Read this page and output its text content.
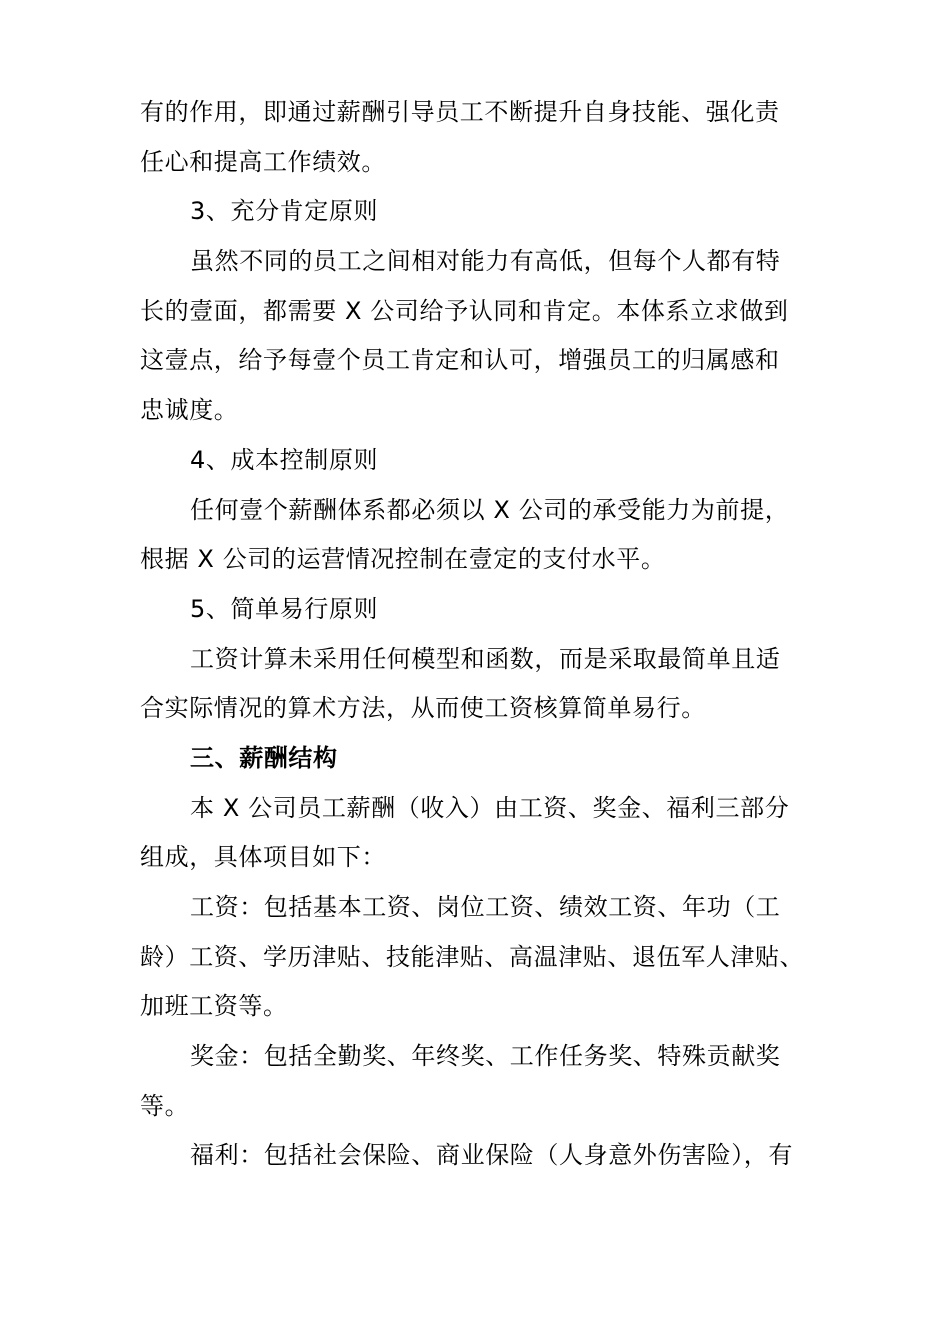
有的作用，即通过薪酬引导员工不断提升自身技能、强化责
任心和提高工作绩效。
3、充分肯定原则
虽然不同的员工之间相对能力有高低，但每个人都有特
长的壹面，都需要 X 公司给予认同和肯定。本体系立求做到
这壹点，给予每壹个员工肯定和认可，增强员工的归属感和
忠诚度。
4、成本控制原则
任何壹个薪酬体系都必须以 X 公司的承受能力为前提，
根据 X 公司的运营情况控制在壹定的支付水平。
5、简单易行原则
工资计算未采用任何模型和函数，而是采取最简单且适
合实际情况的算术方法，从而使工资核算简单易行。
三、薪酬结构
本 X 公司员工薪酬（收入）由工资、奖金、福利三部分
组成，具体项目如下：
工资：包括基本工资、岗位工资、绩效工资、年功（工
龄）工资、学历津贴、技能津贴、高温津贴、退伍军人津贴、
加班工资等。
奖金：包括全勤奖、年终奖、工作任务奖、特殊贡献奖
等。
福利：包括社会保险、商业保险（人身意外伤害险），有
